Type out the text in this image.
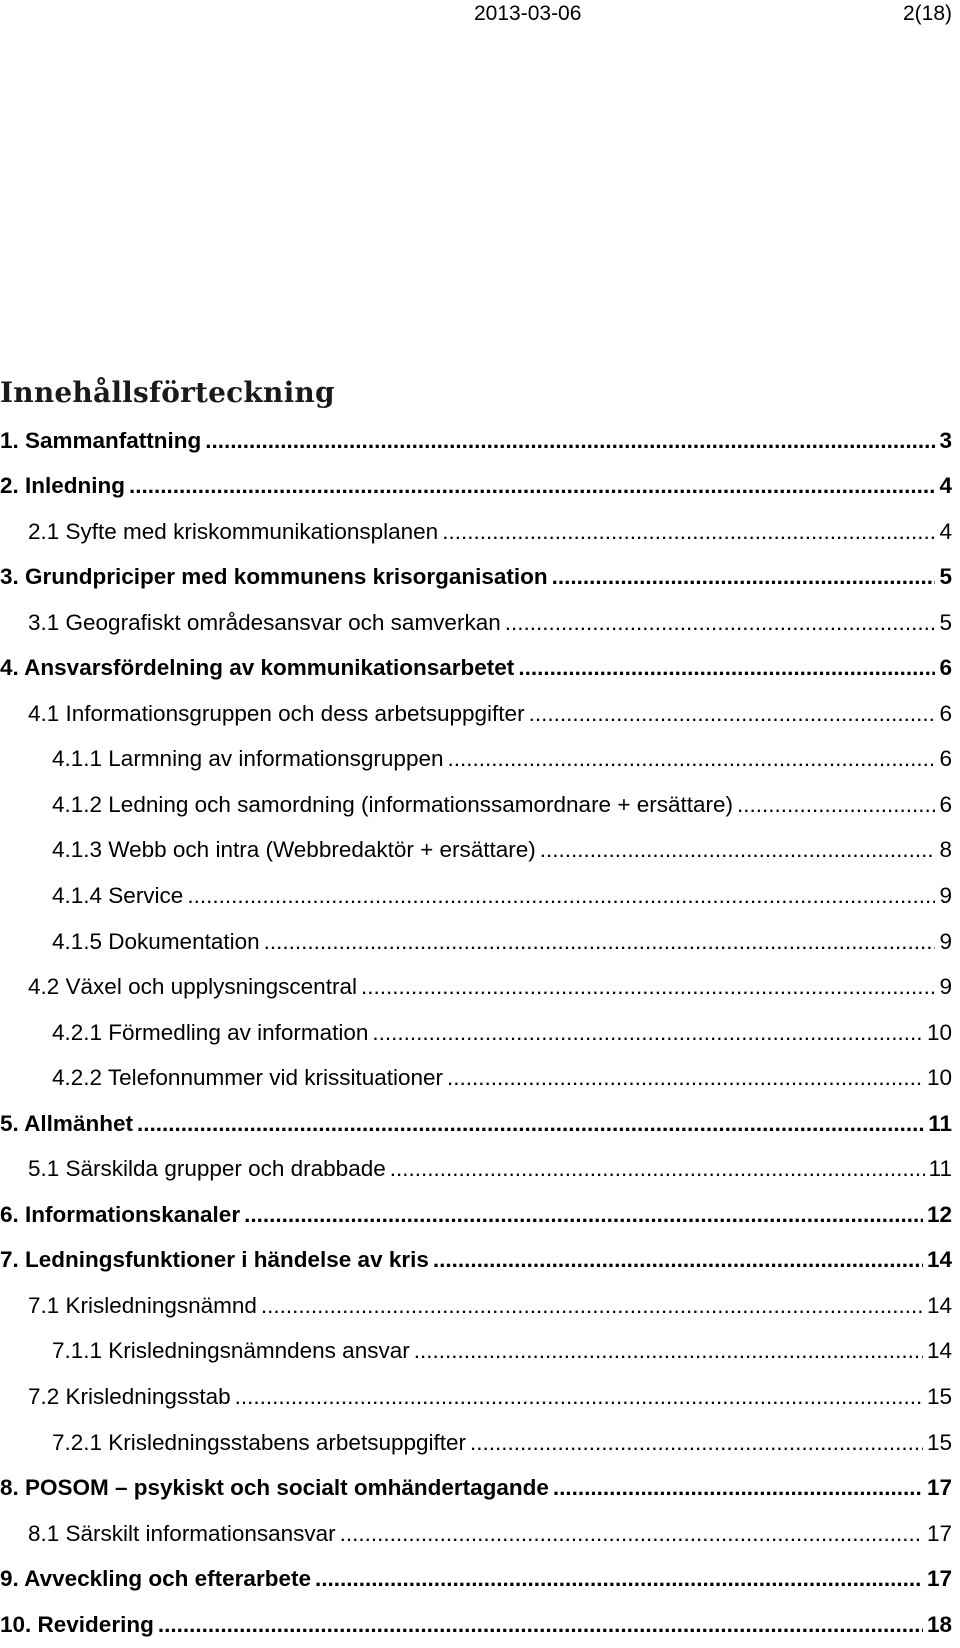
2013-03-06	2(18)
Innehållsförteckning
1. Sammanfattning .....	3
2. Inledning .....	4
2.1 Syfte med kriskommunikationsplanen .....	4
3. Grundpriciper med kommunens krisorganisation .....	5
3.1 Geografiskt områdesansvar och samverkan .....	5
4. Ansvarsfördelning av kommunikationsarbetet .....	6
4.1 Informationsgruppen och dess arbetsuppgifter .....	6
4.1.1 Larmning av informationsgruppen .....	6
4.1.2 Ledning och samordning (informationssamordnare + ersättare) .....	6
4.1.3 Webb och intra (Webbredaktör + ersättare) .....	8
4.1.4 Service .....	9
4.1.5 Dokumentation .....	9
4.2 Växel och upplysningscentral .....	9
4.2.1 Förmedling av information .....	10
4.2.2 Telefonnummer vid krissituationer .....	10
5. Allmänhet .....	11
5.1 Särskilda grupper och drabbade .....	11
6. Informationskanaler .....	12
7. Ledningsfunktioner i händelse av kris .....	14
7.1 Krisledningsnämnd .....	14
7.1.1 Krisledningsnämndens ansvar .....	14
7.2 Krisledningsstab .....	15
7.2.1 Krisledningsstabens arbetsuppgifter .....	15
8. POSOM – psykiskt och socialt omhändertagande .....	17
8.1 Särskilt informationsansvar .....	17
9. Avveckling och efterarbete .....	17
10. Revidering .....	18
